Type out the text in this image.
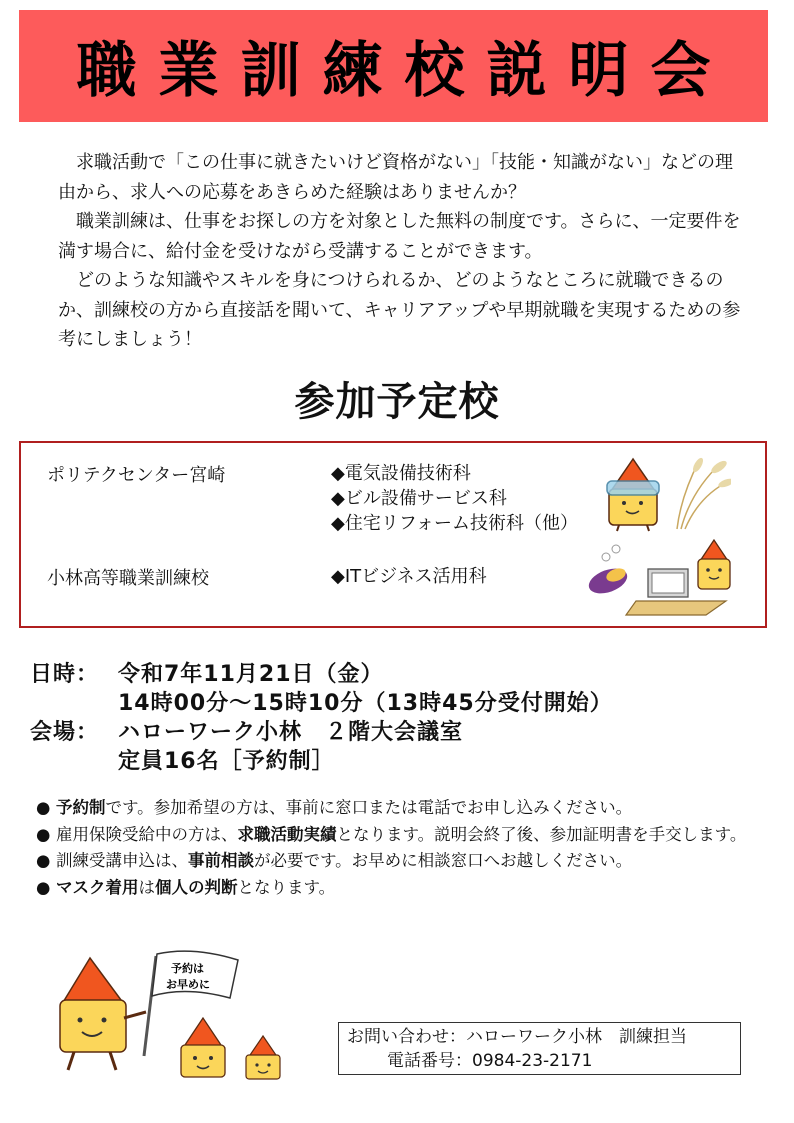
職業訓練校説明会

求職活動で「この仕事に就きたいけど資格がない」「技能・知識がない」などの理由から、求人への応募をあきらめた経験はありませんか？

職業訓練は、仕事をお探しの方を対象とした無料の制度です。さらに、一定要件を満す場合に、給付金を受けながら受講することができます。

どのような知識やスキルを身につけられるか、どのようなところに就職できるのか、訓練校の方から直接話を聞いて、キャリアアップや早期就職を実現するための参考にしましょう！

参加予定校
ポリテクセンター宮崎	◆電気設備技術科
◆ビル設備サービス科
◆住宅リフォーム技術科（他）
小林高等職業訓練校	◆ITビジネス活用科
日時： 令和7年11月21日（金）
14時00分～15時10分（13時45分受付開始）
会場： ハローワーク小林　２階大会議室
定員16名［予約制］
● 予約制です。参加希望の方は、事前に窓口または電話でお申し込みください。
● 雇用保険受給中の方は、求職活動実績となります。説明会終了後、参加証明書を手交します。
● 訓練受講申込は、事前相談が必要です。お早めに相談窓口へお越しください。
● マスク着用は個人の判断となります。
予約は
お早めに
お問い合わせ：ハローワーク小林　訓練担当
電話番号：0984-23-2171
